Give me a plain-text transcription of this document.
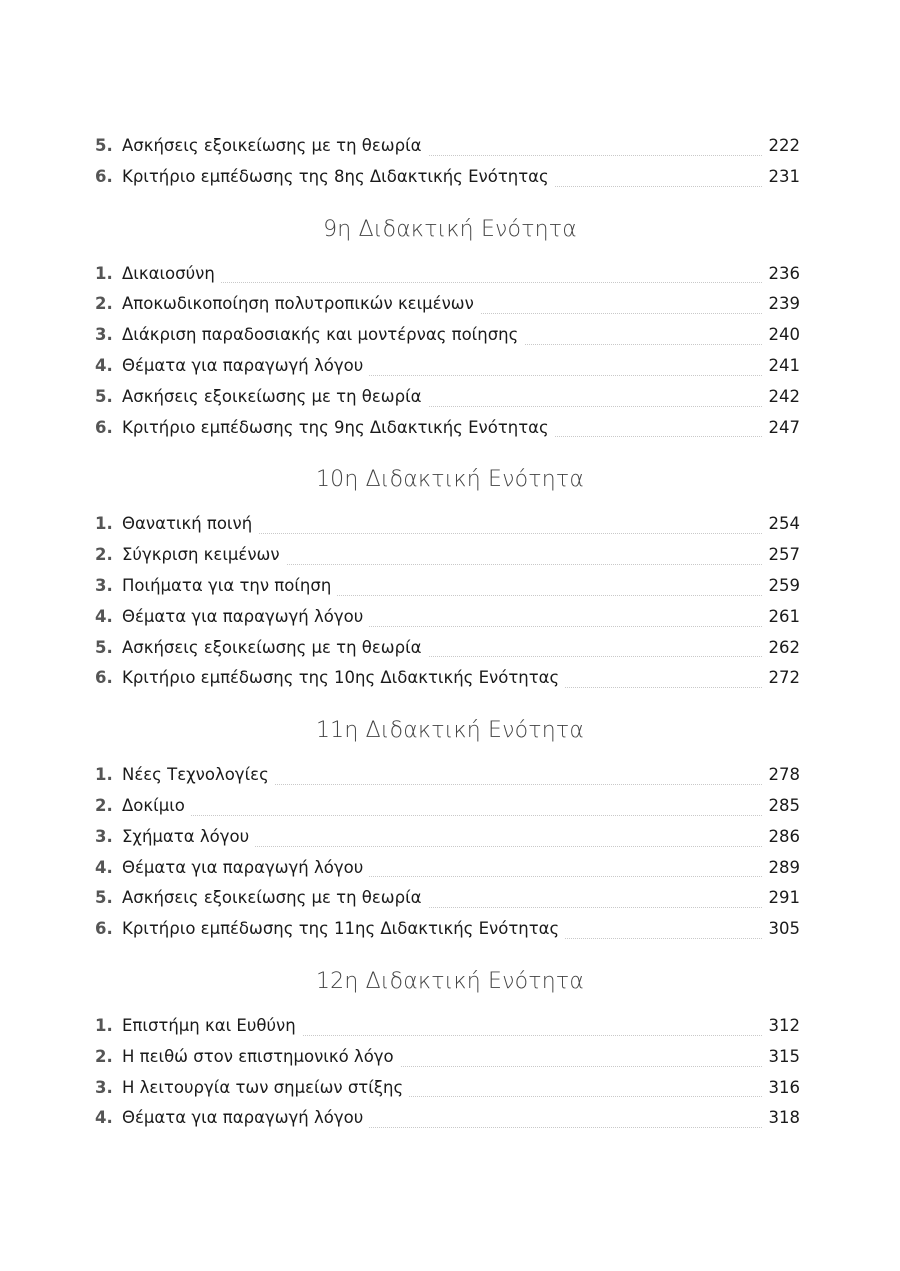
5. Ασκήσεις εξοικείωσης με τη θεωρία	222
6. Κριτήριο εμπέδωσης της 8ης Διδακτικής Ενότητας	231
9η Διδακτική Ενότητα
1. Δικαιοσύνη	236
2. Αποκωδικοποίηση πολυτροπικών κειμένων	239
3. Διάκριση παραδοσιακής και μοντέρνας ποίησης	240
4. Θέματα για παραγωγή λόγου	241
5. Ασκήσεις εξοικείωσης με τη θεωρία	242
6. Κριτήριο εμπέδωσης της 9ης Διδακτικής Ενότητας	247
10η Διδακτική Ενότητα
1. Θανατική ποινή	254
2. Σύγκριση κειμένων	257
3. Ποιήματα για την ποίηση	259
4. Θέματα για παραγωγή λόγου	261
5. Ασκήσεις εξοικείωσης με τη θεωρία	262
6. Κριτήριο εμπέδωσης της 10ης Διδακτικής Ενότητας	272
11η Διδακτική Ενότητα
1. Νέες Τεχνολογίες	278
2. Δοκίμιο	285
3. Σχήματα λόγου	286
4. Θέματα για παραγωγή λόγου	289
5. Ασκήσεις εξοικείωσης με τη θεωρία	291
6. Κριτήριο εμπέδωσης της 11ης Διδακτικής Ενότητας	305
12η Διδακτική Ενότητα
1. Επιστήμη και Ευθύνη	312
2. Η πειθώ στον επιστημονικό λόγο	315
3. Η λειτουργία των σημείων στίξης	316
4. Θέματα για παραγωγή λόγου	318
